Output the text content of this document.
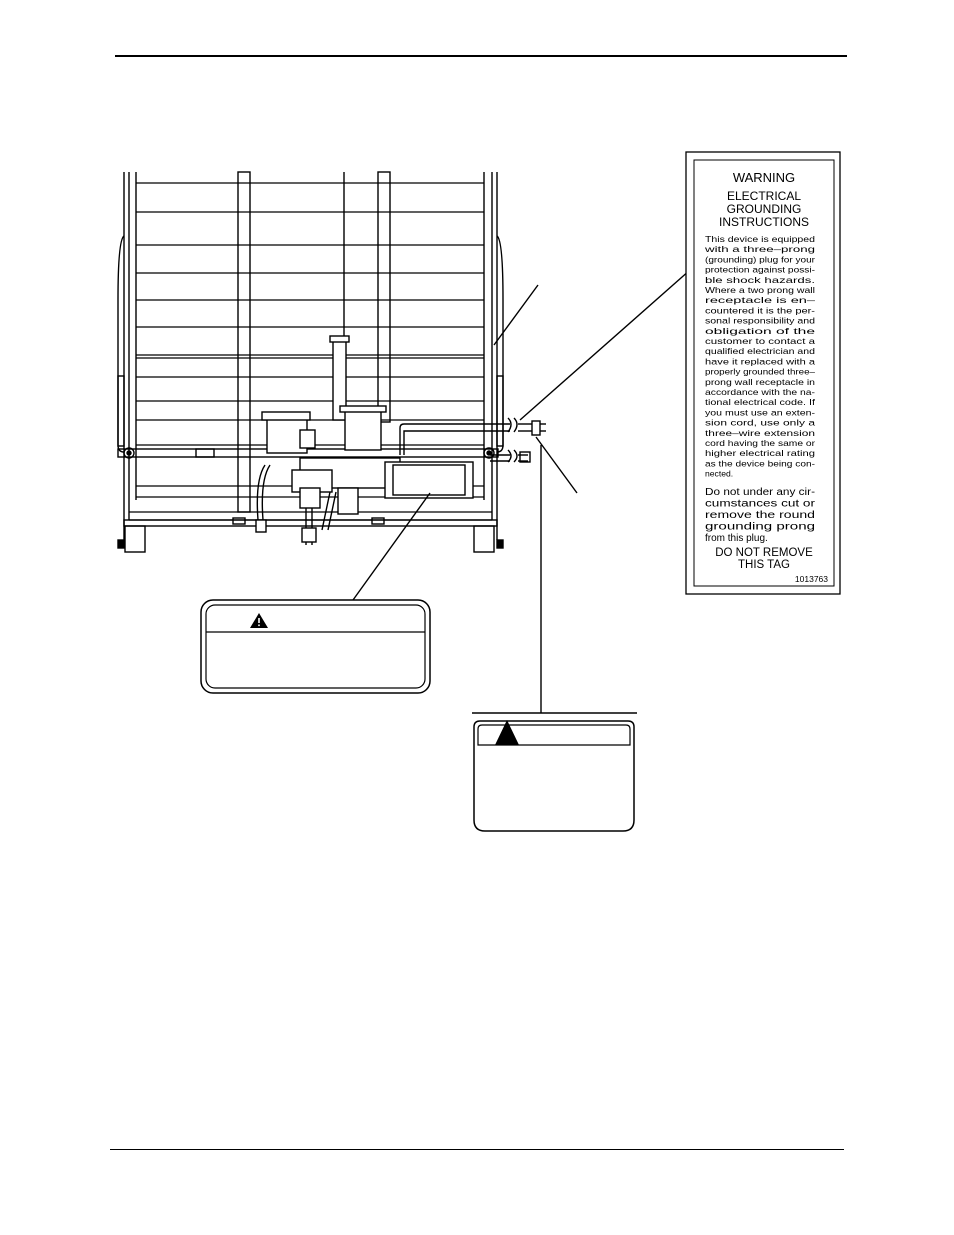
WARNING
ELECTRICAL
GROUNDING
INSTRUCTIONS
This device is equipped
with a three–prong
(grounding) plug for your
protection against possi-
ble shock hazards.
Where a two prong wall
receptacle is en–
countered it is the per-
sonal responsibility and
obligation of the
customer to contact a
qualified electrician and
have it replaced with a
properly grounded three–
prong wall receptacle in
accordance with the na-
tional electrical code. If
you must use an exten-
sion cord, use only a
three–wire extension
cord having the same or
higher electrical rating
as the device being con-
nected.
Do not under any cir-
cumstances cut or
remove the round
grounding prong
from this plug.
DO NOT REMOVE
THIS TAG
1013763
